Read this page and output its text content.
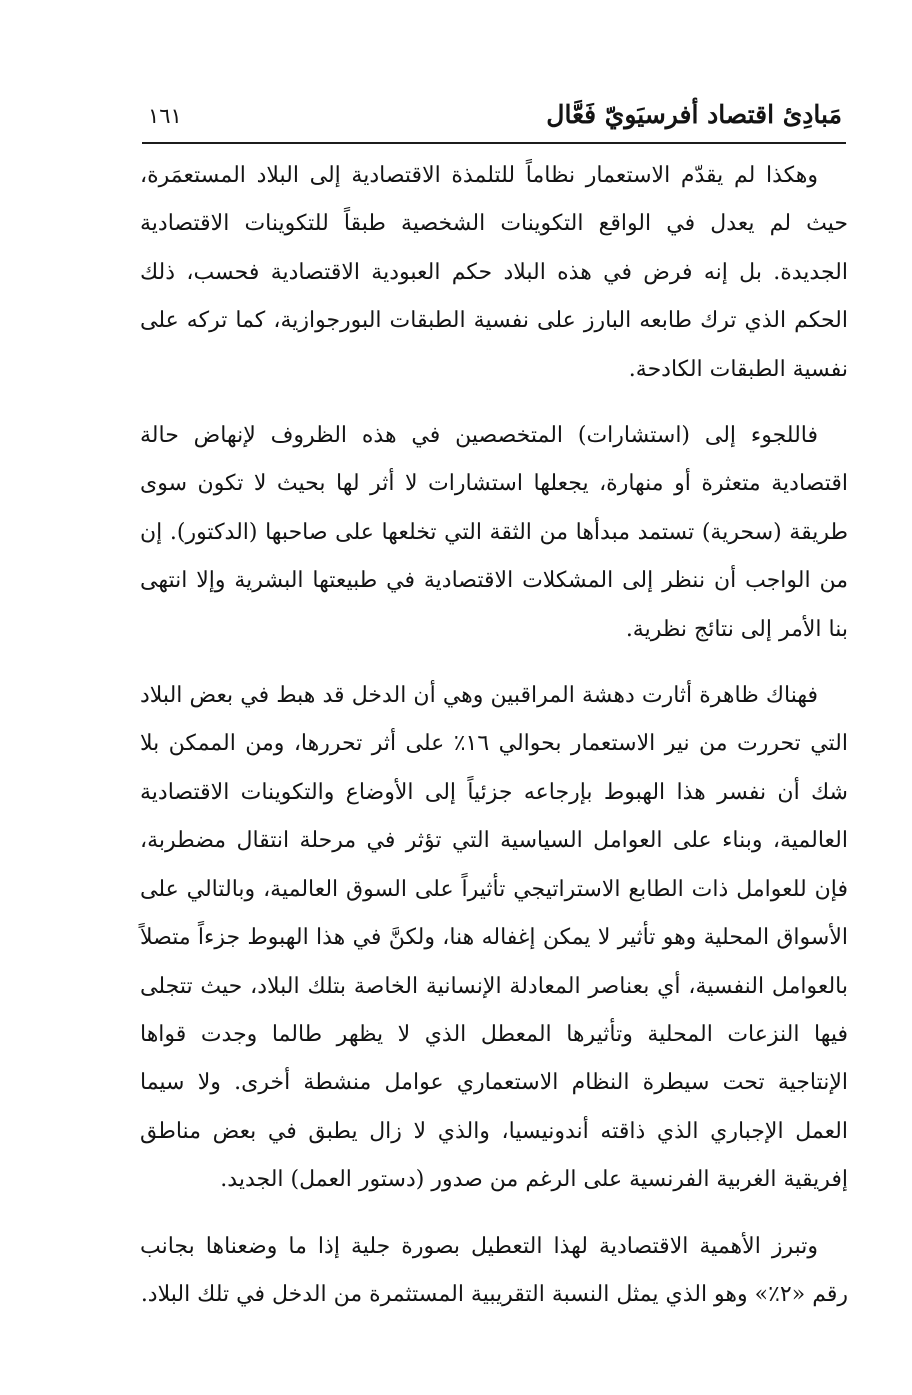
مَبادِئ اقتصاد أفرسيَويّ فَعَّال
١٦١

وهكذا لم يقدّم الاستعمار نظاماً للتلمذة الاقتصادية إلى البلاد المستعمَرة، حيث لم يعدل في الواقع التكوينات الشخصية طبقاً للتكوينات الاقتصادية الجديدة. بل إنه فرض في هذه البلاد حكم العبودية الاقتصادية فحسب، ذلك الحكم الذي ترك طابعه البارز على نفسية الطبقات البورجوازية، كما تركه على نفسية الطبقات الكادحة.

فاللجوء إلى (استشارات) المتخصصين في هذه الظروف لإنهاض حالة اقتصادية متعثرة أو منهارة، يجعلها استشارات لا أثر لها بحيث لا تكون سوى طريقة (سحرية) تستمد مبدأها من الثقة التي تخلعها على صاحبها (الدكتور). إن من الواجب أن ننظر إلى المشكلات الاقتصادية في طبيعتها البشرية وإلا انتهى بنا الأمر إلى نتائج نظرية.

فهناك ظاهرة أثارت دهشة المراقبين وهي أن الدخل قد هبط في بعض البلاد التي تحررت من نير الاستعمار بحوالي ١٦٪ على أثر تحررها، ومن الممكن بلا شك أن نفسر هذا الهبوط بإرجاعه جزئياً إلى الأوضاع والتكوينات الاقتصادية العالمية، وبناء على العوامل السياسية التي تؤثر في مرحلة انتقال مضطربة، فإن للعوامل ذات الطابع الاستراتيجي تأثيراً على السوق العالمية، وبالتالي على الأسواق المحلية وهو تأثير لا يمكن إغفاله هنا، ولكنَّ في هذا الهبوط جزءاً متصلاً بالعوامل النفسية، أي بعناصر المعادلة الإنسانية الخاصة بتلك البلاد، حيث تتجلى فيها النزعات المحلية وتأثيرها المعطل الذي لا يظهر طالما وجدت قواها الإنتاجية تحت سيطرة النظام الاستعماري عوامل منشطة أخرى. ولا سيما العمل الإجباري الذي ذاقته أندونيسيا، والذي لا زال يطبق في بعض مناطق إفريقية الغربية الفرنسية على الرغم من صدور (دستور العمل) الجديد.

وتبرز الأهمية الاقتصادية لهذا التعطيل بصورة جلية إذا ما وضعناها بجانب رقم «٢٪» وهو الذي يمثل النسبة التقريبية المستثمرة من الدخل في تلك البلاد.
